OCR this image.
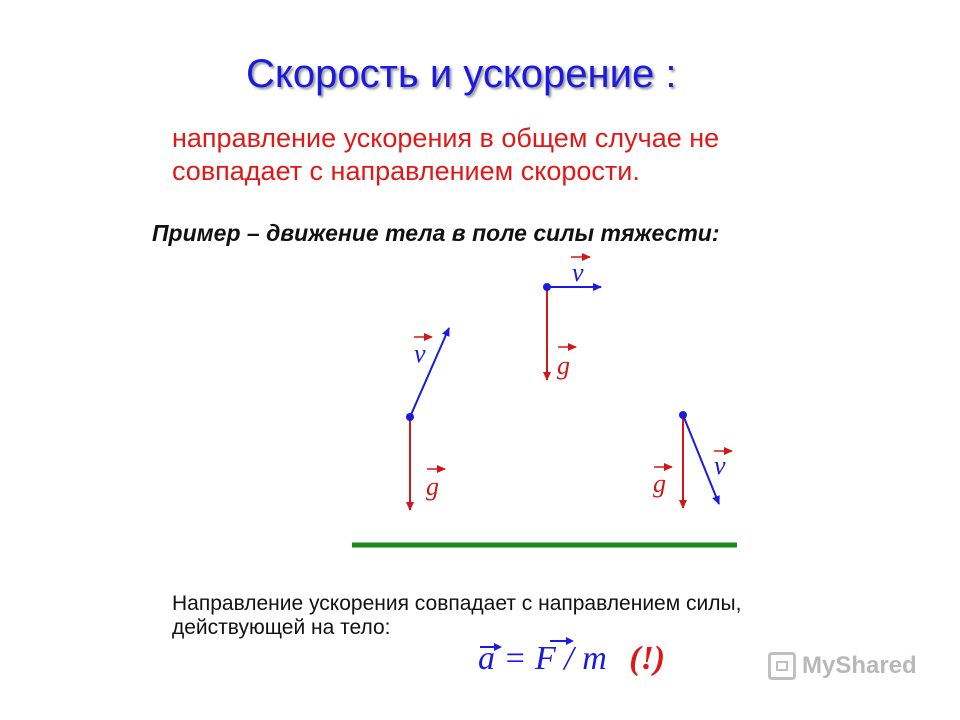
Скорость и ускорение :
направление ускорения в общем случае не совпадает с направлением скорости.
Пример – движение тела в поле силы тяжести:
v
g
v
g
v
g
Направление ускорения совпадает с направлением силы, действующей на тело:
a = F / m (!)	MyShared
